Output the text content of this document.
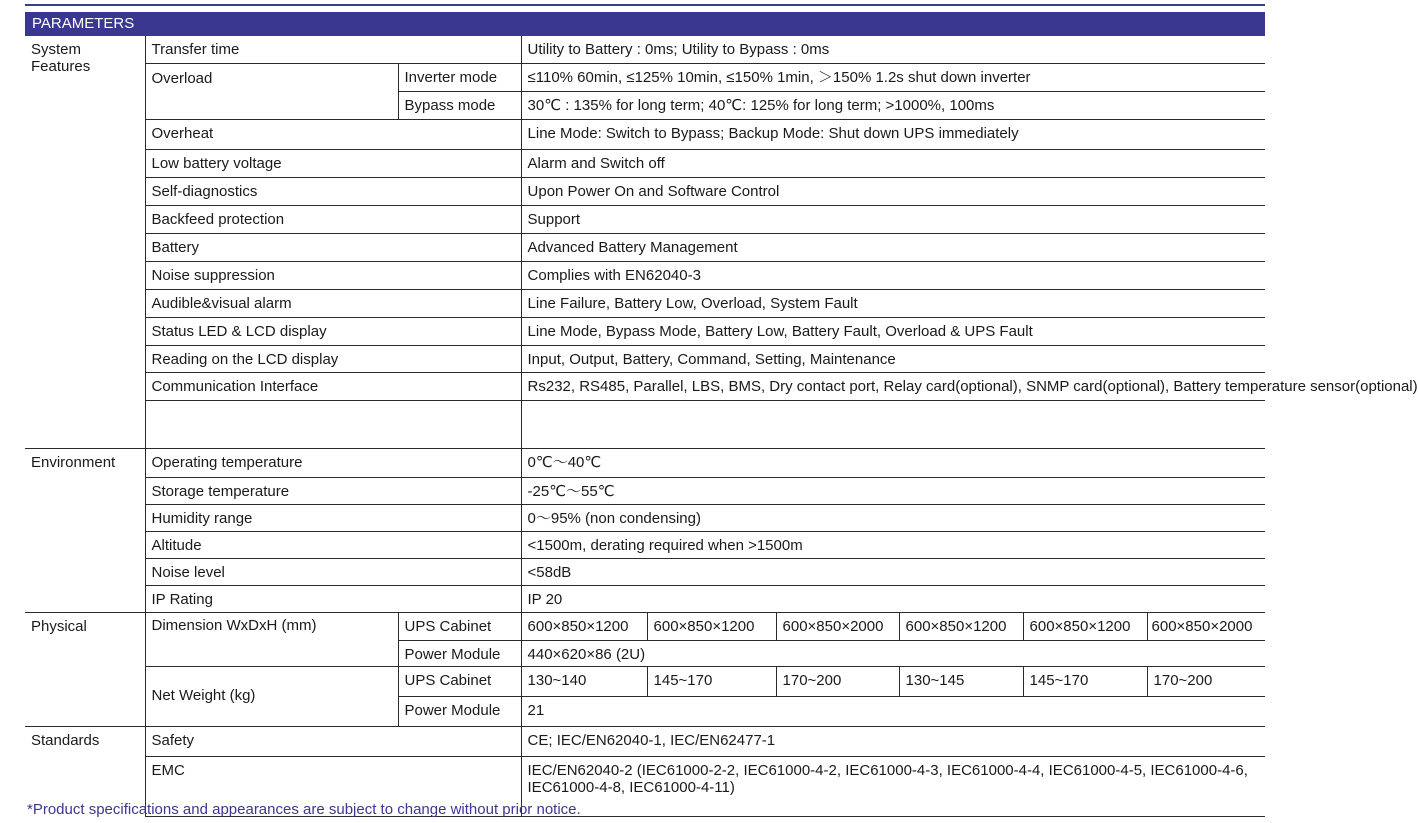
PARAMETERS
System Features	Transfer time		Utility to Battery : 0ms; Utility to Bypass : 0ms					
	Overload	Inverter mode	≤110% 60min, ≤125% 10min, ≤150% 1min, ＞150% 1.2s shut down inverter					
		Bypass mode	30℃ : 135% for long term; 40℃: 125% for long term; >1000%, 100ms					
	Overheat		Line Mode: Switch to Bypass; Backup Mode: Shut down UPS immediately					
	Low battery voltage		Alarm and Switch off					
	Self-diagnostics		Upon Power On and Software Control					
	Backfeed protection		Support					
	Battery		Advanced Battery Management					
	Noise suppression		Complies with EN62040-3					
	Audible&visual alarm		Line Failure, Battery Low, Overload, System Fault					
	Status LED & LCD display		Line Mode, Bypass Mode, Battery Low, Battery Fault, Overload & UPS Fault					
	Reading on the LCD display		Input, Output, Battery, Command, Setting, Maintenance					
	Communication Interface		Rs232, RS485, Parallel, LBS, BMS, Dry contact port, Relay card(optional), SNMP card(optional), Battery temperature sensor(optional)					

Environment	Operating temperature		0℃～40℃					
	Storage temperature		-25℃～55℃					
	Humidity range		0～95% (non condensing)					
	Altitude		<1500m, derating required when >1500m					
	Noise level		<58dB					
	IP Rating		IP 20					
Physical	Dimension WxDxH (mm)	UPS Cabinet	600×850×1200	600×850×1200	600×850×2000	600×850×1200	600×850×1200	600×850×2000
		Power Module	440×620×86 (2U)					
	Net Weight (kg)	UPS Cabinet	130~140	145~170	170~200	130~145	145~170	170~200
		Power Module	21					
Standards	Safety		CE; IEC/EN62040-1, IEC/EN62477-1					
	EMC		IEC/EN62040-2 (IEC61000-2-2, IEC61000-4-2, IEC61000-4-3, IEC61000-4-4, IEC61000-4-5, IEC61000-4-6, IEC61000-4-8, IEC61000-4-11)					
*Product specifications and appearances are subject to change without prior notice.
